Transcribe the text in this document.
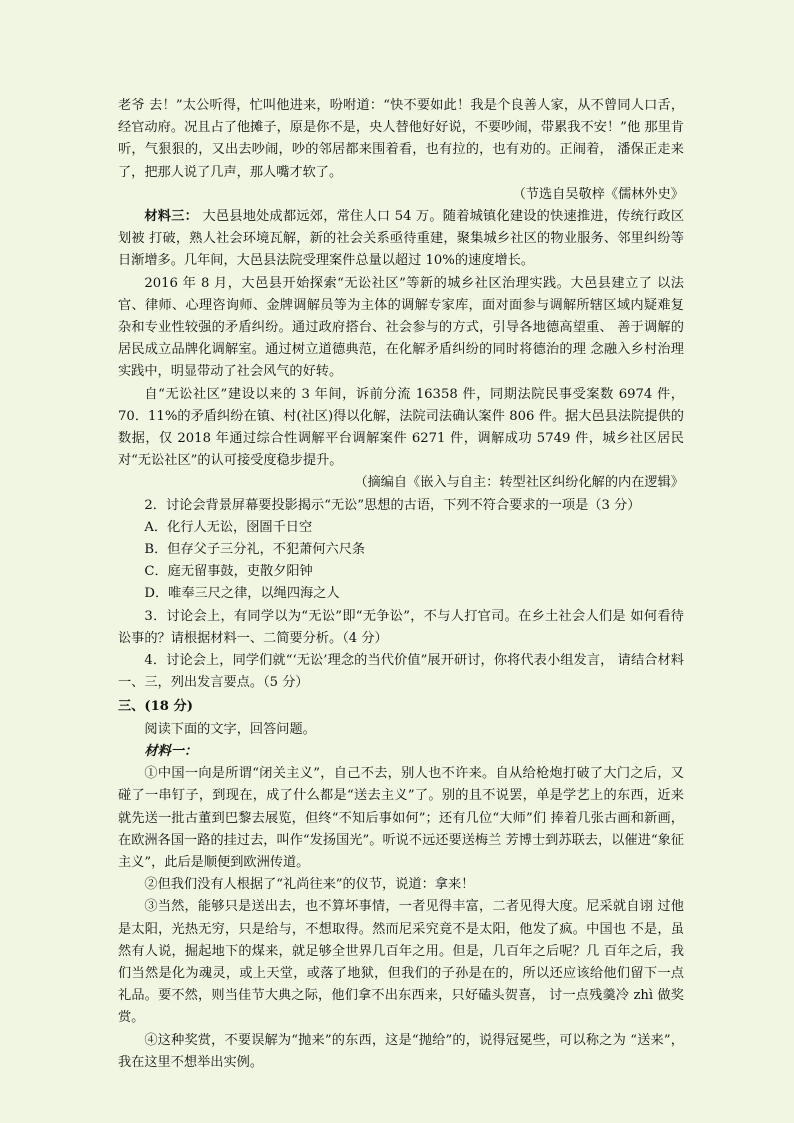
老爷 去！”太公听得，忙叫他进来，吩咐道：“快不要如此！我是个良善人家，从不曾同人口舌， 经官动府。况且占了他摊子，原是你不是，央人替他好好说，不要吵闹，带累我不安！”他 那里肯听，气狠狠的，又出去吵闹，吵的邻居都来围着看，也有拉的，也有劝的。正闹着， 潘保正走来了，把那人说了几声，那人嘴才软了。

（节选自吴敬梓《儒林外史》

材料三： 大邑县地处成都远郊，常住人口 54 万。随着城镇化建设的快速推进，传统行政区划被 打破，熟人社会环境瓦解，新的社会关系亟待重建，聚集城乡社区的物业服务、邻里纠纷等 日渐增多。几年间，大邑县法院受理案件总量以超过 10%的速度增长。

2016 年 8 月，大邑县开始探索“无讼社区”等新的城乡社区治理实践。大邑县建立了 以法官、律师、心理咨询师、金牌调解员等为主体的调解专家库，面对面参与调解所辖区域内疑难复杂和专业性较强的矛盾纠纷。通过政府搭台、社会参与的方式，引导各地德高望重、 善于调解的居民成立品牌化调解室。通过树立道德典范，在化解矛盾纠纷的同时将德治的理 念融入乡村治理实践中，明显带动了社会风气的好转。

自“无讼社区”建设以来的 3 年间，诉前分流 16358 件，同期法院民事受案数 6974 件，70．11%的矛盾纠纷在镇、村(社区)得以化解，法院司法确认案件 806 件。据大邑县法院提供的数据，仅 2018 年通过综合性调解平台调解案件 6271 件，调解成功 5749 件，城乡社区居民对“无讼社区”的认可接受度稳步提升。

（摘编自《嵌入与自主：转型社区纠纷化解的内在逻辑》

2．讨论会背景屏幕要投影揭示“无讼”思想的古语，下列不符合要求的一项是（3 分）

A．化行人无讼，囹圄千日空

B．但存父子三分礼，不犯萧何六尺条

C．庭无留事鼓，吏散夕阳钟

D．唯奉三尺之律，以绳四海之人

3．讨论会上，有同学以为“无讼”即“无争讼”，不与人打官司。在乡土社会人们是 如何看待讼事的？请根据材料一、二简要分析。（4 分）

4．讨论会上，同学们就“‘无讼’理念的当代价值”展开研讨，你将代表小组发言， 请结合材料一、三，列出发言要点。（5 分）

三、(18 分)

阅读下面的文字，回答问题。

材料一：

①中国一向是所谓“闭关主义”，自己不去，别人也不许来。自从给枪炮打破了大门之后，又碰了一串钉子，到现在，成了什么都是“送去主义”了。别的且不说罢，单是学艺上的东西，近来就先送一批古董到巴黎去展览，但终“不知后事如何”；还有几位“大师”们 捧着几张古画和新画，在欧洲各国一路的挂过去，叫作“发扬国光”。听说不远还要送梅兰 芳博士到苏联去，以催进“象征主义”，此后是顺便到欧洲传道。

②但我们没有人根据了“礼尚往来”的仪节，说道：拿来！

③当然，能够只是送出去，也不算坏事情，一者见得丰富，二者见得大度。尼采就自诩 过他是太阳，光热无穷，只是给与，不想取得。然而尼采究竟不是太阳，他发了疯。中国也 不是，虽然有人说，掘起地下的煤来，就足够全世界几百年之用。但是，几百年之后呢？几 百年之后，我们当然是化为魂灵，或上天堂，或落了地狱，但我们的子孙是在的，所以还应该给他们留下一点礼品。要不然，则当佳节大典之际，他们拿不出东西来，只好磕头贺喜， 讨一点残羹冷 zhì 做奖赏。

④这种奖赏，不要误解为“抛来”的东西，这是“抛给”的，说得冠冕些，可以称之为 “送来”，我在这里不想举出实例。
